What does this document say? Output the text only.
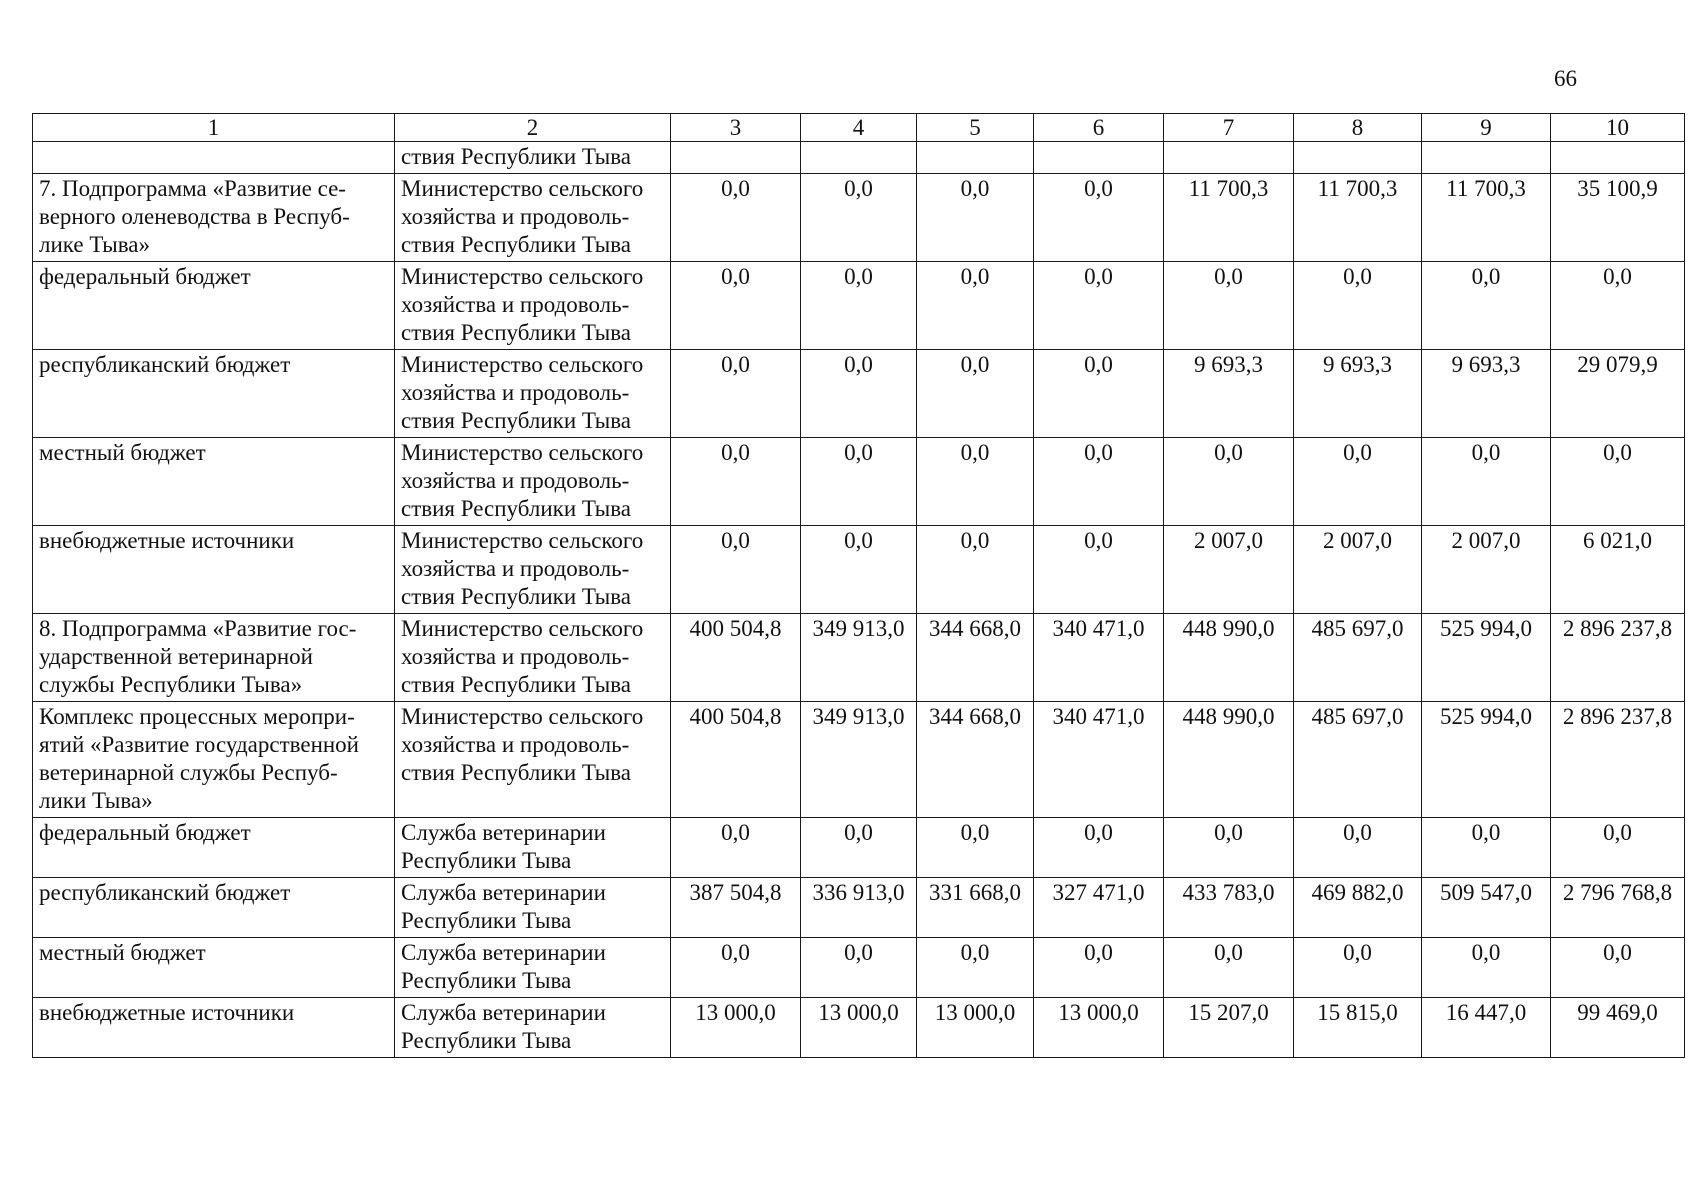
66
1	2	3	4	5	6	7	8	9	10
	ствия Республики Тыва								
7. Подпрограмма «Развитие се-
верного оленеводства в Респуб-
лике Тыва»	Министерство сельского
хозяйства и продоволь-
ствия Республики Тыва	0,0	0,0	0,0	0,0	11 700,3	11 700,3	11 700,3	35 100,9
федеральный бюджет	Министерство сельского
хозяйства и продоволь-
ствия Республики Тыва	0,0	0,0	0,0	0,0	0,0	0,0	0,0	0,0
республиканский бюджет	Министерство сельского
хозяйства и продоволь-
ствия Республики Тыва	0,0	0,0	0,0	0,0	9 693,3	9 693,3	9 693,3	29 079,9
местный бюджет	Министерство сельского
хозяйства и продоволь-
ствия Республики Тыва	0,0	0,0	0,0	0,0	0,0	0,0	0,0	0,0
внебюджетные источники	Министерство сельского
хозяйства и продоволь-
ствия Республики Тыва	0,0	0,0	0,0	0,0	2 007,0	2 007,0	2 007,0	6 021,0
8. Подпрограмма «Развитие гос-
ударственной ветеринарной
службы Республики Тыва»	Министерство сельского
хозяйства и продоволь-
ствия Республики Тыва	400 504,8	349 913,0	344 668,0	340 471,0	448 990,0	485 697,0	525 994,0	2 896 237,8
Комплекс процессных меропри-
ятий «Развитие государственной
ветеринарной службы Респуб-
лики Тыва»	Министерство сельского
хозяйства и продоволь-
ствия Республики Тыва	400 504,8	349 913,0	344 668,0	340 471,0	448 990,0	485 697,0	525 994,0	2 896 237,8
федеральный бюджет	Служба ветеринарии
Республики Тыва	0,0	0,0	0,0	0,0	0,0	0,0	0,0	0,0
республиканский бюджет	Служба ветеринарии
Республики Тыва	387 504,8	336 913,0	331 668,0	327 471,0	433 783,0	469 882,0	509 547,0	2 796 768,8
местный бюджет	Служба ветеринарии
Республики Тыва	0,0	0,0	0,0	0,0	0,0	0,0	0,0	0,0
внебюджетные источники	Служба ветеринарии
Республики Тыва	13 000,0	13 000,0	13 000,0	13 000,0	15 207,0	15 815,0	16 447,0	99 469,0
